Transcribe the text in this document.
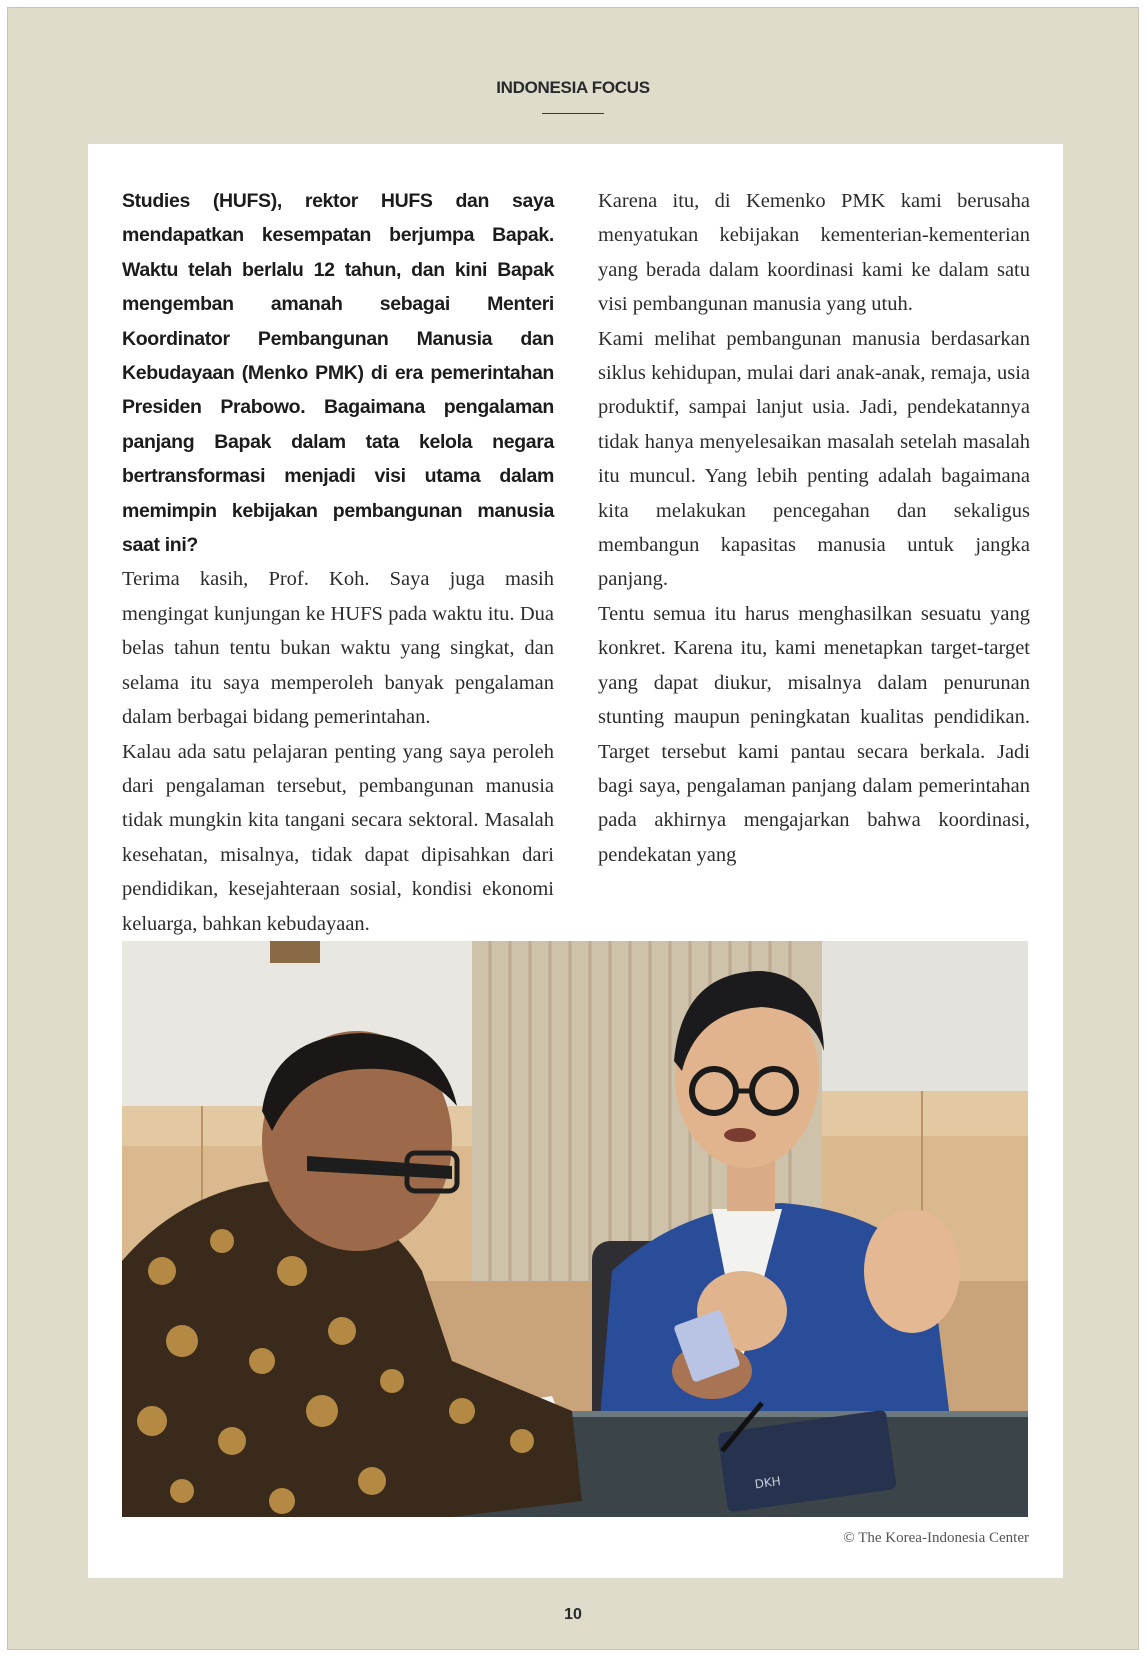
INDONESIA FOCUS

Studies (HUFS), rektor HUFS dan saya mendapatkan kesempatan berjumpa Bapak. Waktu telah berlalu 12 tahun, dan kini Bapak mengemban amanah sebagai Menteri Koordinator Pembangunan Manusia dan Kebudayaan (Menko PMK) di era pemerintahan Presiden Prabowo. Bagaimana pengalaman panjang Bapak dalam tata kelola negara bertransformasi menjadi visi utama dalam memimpin kebijakan pembangunan manusia saat ini?

Terima kasih, Prof. Koh. Saya juga masih mengingat kunjungan ke HUFS pada waktu itu. Dua belas tahun tentu bukan waktu yang singkat, dan selama itu saya memperoleh banyak pengalaman dalam berbagai bidang pemerintahan.

Kalau ada satu pelajaran penting yang saya peroleh dari pengalaman tersebut, pembangunan manusia tidak mungkin kita tangani secara sektoral. Masalah kesehatan, misalnya, tidak dapat dipisahkan dari pendidikan, kesejahteraan sosial, kondisi ekonomi keluarga, bahkan kebudayaan.

Karena itu, di Kemenko PMK kami berusaha menyatukan kebijakan kementerian-kementerian yang berada dalam koordinasi kami ke dalam satu visi pembangunan manusia yang utuh.

Kami melihat pembangunan manusia berdasarkan siklus kehidupan, mulai dari anak-anak, remaja, usia produktif, sampai lanjut usia. Jadi, pendekatannya tidak hanya menyelesaikan masalah setelah masalah itu muncul. Yang lebih penting adalah bagaimana kita melakukan pencegahan dan sekaligus membangun kapasitas manusia untuk jangka panjang.

Tentu semua itu harus menghasilkan sesuatu yang konkret. Karena itu, kami menetapkan target-target yang dapat diukur, misalnya dalam penurunan stunting maupun peningkatan kualitas pendidikan. Target tersebut kami pantau secara berkala. Jadi bagi saya, pengalaman panjang dalam pemerintahan pada akhirnya mengajarkan bahwa koordinasi, pendekatan yang

DKH
© The Korea-Indonesia Center
10
